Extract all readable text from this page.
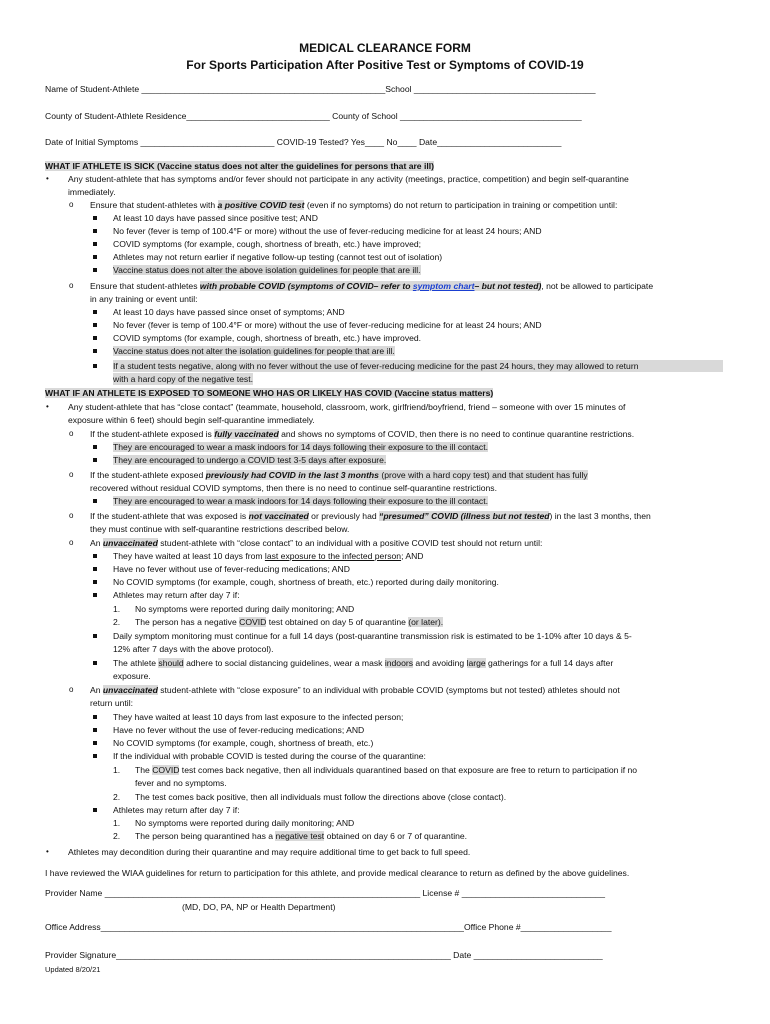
MEDICAL CLEARANCE FORM
For Sports Participation After Positive Test or Symptoms of COVID-19
Name of Student-Athlete ___________________________________________________School ______________________________________
County of Student-Athlete Residence______________________________ County of School ______________________________________
Date of Initial Symptoms ____________________________ COVID-19 Tested? Yes____ No____ Date__________________________
WHAT IF ATHLETE IS SICK (Vaccine status does not alter the guidelines for persons that are ill)
• Any student-athlete that has symptoms and/or fever should not participate in any activity (meetings, practice, competition) and begin self-quarantine
immediately.
o Ensure that student-athletes with a positive COVID test (even if no symptoms) do not return to participation in training or competition until:
At least 10 days have passed since positive test; AND
No fever (fever is temp of 100.4°F or more) without the use of fever-reducing medicine for at least 24 hours; AND
COVID symptoms (for example, cough, shortness of breath, etc.) have improved;
Athletes may not return earlier if negative follow-up testing (cannot test out of isolation)
Vaccine status does not alter the above isolation guidelines for people that are ill.
o Ensure that student-athletes with probable COVID (symptoms of COVID– refer to symptom chart– but not tested), not be allowed to participate
in any training or event until:
At least 10 days have passed since onset of symptoms; AND
No fever (fever is temp of 100.4°F or more) without the use of fever-reducing medicine for at least 24 hours; AND
COVID symptoms (for example, cough, shortness of breath, etc.) have improved.
Vaccine status does not alter the isolation guidelines for people that are ill.
If a student tests negative, along with no fever without the use of fever-reducing medicine for the past 24 hours, they may allowed to return
with a hard copy of the negative test.
WHAT IF AN ATHLETE IS EXPOSED TO SOMEONE WHO HAS OR LIKELY HAS COVID (Vaccine status matters)
• Any student-athlete that has “close contact” (teammate, household, classroom, work, girlfriend/boyfriend, friend – someone with over 15 minutes of
exposure within 6 feet) should begin self-quarantine immediately.
o If the student-athlete exposed is fully vaccinated and shows no symptoms of COVID, then there is no need to continue quarantine restrictions.
They are encouraged to wear a mask indoors for 14 days following their exposure to the ill contact.
They are encouraged to undergo a COVID test 3-5 days after exposure.
o If the student-athlete exposed previously had COVID in the last 3 months (prove with a hard copy test) and that student has fully
recovered without residual COVID symptoms, then there is no need to continue self-quarantine restrictions.
They are encouraged to wear a mask indoors for 14 days following their exposure to the ill contact.
o If the student-athlete that was exposed is not vaccinated or previously had “presumed” COVID (illness but not tested) in the last 3 months, then
they must continue with self-quarantine restrictions described below.
o An unvaccinated student-athlete with “close contact” to an individual with a positive COVID test should not return until:
They have waited at least 10 days from last exposure to the infected person; AND
Have no fever without use of fever-reducing medications; AND
No COVID symptoms (for example, cough, shortness of breath, etc.) reported during daily monitoring.
Athletes may return after day 7 if:
1. No symptoms were reported during daily monitoring; AND
2. The person has a negative COVID test obtained on day 5 of quarantine (or later).
Daily symptom monitoring must continue for a full 14 days (post-quarantine transmission risk is estimated to be 1-10% after 10 days & 5-
12% after 7 days with the above protocol).
The athlete should adhere to social distancing guidelines, wear a mask indoors and avoiding large gatherings for a full 14 days after
exposure.
o An unvaccinated student-athlete with “close exposure” to an individual with probable COVID (symptoms but not tested) athletes should not
return until:
They have waited at least 10 days from last exposure to the infected person;
Have no fever without the use of fever-reducing medications; AND
No COVID symptoms (for example, cough, shortness of breath, etc.)
If the individual with probable COVID is tested during the course of the quarantine:
1. The COVID test comes back negative, then all individuals quarantined based on that exposure are free to return to participation if no
fever and no symptoms.
2. The test comes back positive, then all individuals must follow the directions above (close contact).
Athletes may return after day 7 if:
1. No symptoms were reported during daily monitoring; AND
2. The person being quarantined has a negative test obtained on day 6 or 7 of quarantine.
• Athletes may decondition during their quarantine and may require additional time to get back to full speed.
I have reviewed the WIAA guidelines for return to participation for this athlete, and provide medical clearance to return as defined by the above guidelines.
Provider Name __________________________________________________________________ License # ______________________________
(MD, DO, PA, NP or Health Department)
Office Address____________________________________________________________________________Office Phone #___________________
Provider Signature______________________________________________________________________ Date ___________________________
Updated 8/20/21
